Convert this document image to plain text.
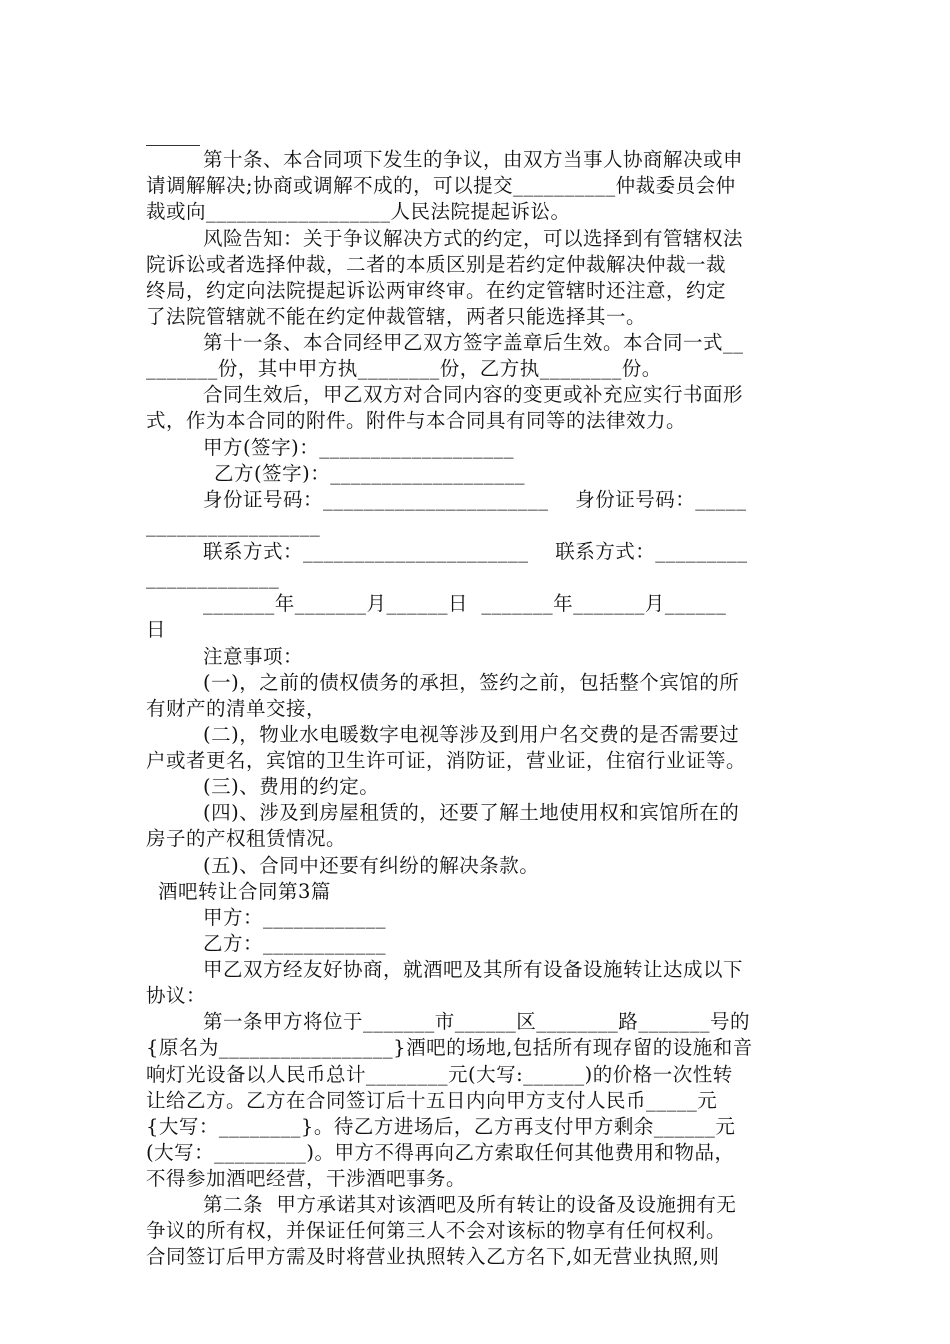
第十条、本合同项下发生的争议，由双方当事人协商解决或申
请调解解决;协商或调解不成的，可以提交__________仲裁委员会仲
裁或向__________________人民法院提起诉讼。
风险告知：关于争议解决方式的约定，可以选择到有管辖权法
院诉讼或者选择仲裁，二者的本质区别是若约定仲裁解决仲裁一裁
终局，约定向法院提起诉讼两审终审。在约定管辖时还注意，约定
了法院管辖就不能在约定仲裁管辖，两者只能选择其一。
第十一条、本合同经甲乙双方签字盖章后生效。本合同一式__
_______份，其中甲方执________份，乙方执________份。
合同生效后，甲乙双方对合同内容的变更或补充应实行书面形
式，作为本合同的附件。附件与本合同具有同等的法律效力。
甲方(签字)：___________________
乙方(签字)：___________________
身份证号码：______________________    身份证号码：_____
_________________
联系方式：______________________    联系方式：_________
_____________
_______年_______月______日  _______年_______月______
日
注意事项：
(一)，之前的债权债务的承担，签约之前，包括整个宾馆的所
有财产的清单交接，
(二)，物业水电暖数字电视等涉及到用户名交费的是否需要过
户或者更名，宾馆的卫生许可证，消防证，营业证，住宿行业证等。
(三)、费用的约定。
(四)、涉及到房屋租赁的，还要了解土地使用权和宾馆所在的
房子的产权租赁情况。
(五)、合同中还要有纠纷的解决条款。
酒吧转让合同第3篇
甲方：____________
乙方：____________
甲乙双方经友好协商，就酒吧及其所有设备设施转让达成以下
协议：
第一条甲方将位于_______市______区________路_______号的
{原名为_________________}酒吧的场地,包括所有现存留的设施和音
响灯光设备以人民币总计________元(大写:______)的价格一次性转
让给乙方。乙方在合同签订后十五日内向甲方支付人民币_____元
{大写：________}。待乙方进场后，乙方再支付甲方剩余______元
(大写：_________)。甲方不得再向乙方索取任何其他费用和物品，
不得参加酒吧经营，干涉酒吧事务。
第二条  甲方承诺其对该酒吧及所有转让的设备及设施拥有无
争议的所有权，并保证任何第三人不会对该标的物享有任何权利。
合同签订后甲方需及时将营业执照转入乙方名下,如无营业执照,则
